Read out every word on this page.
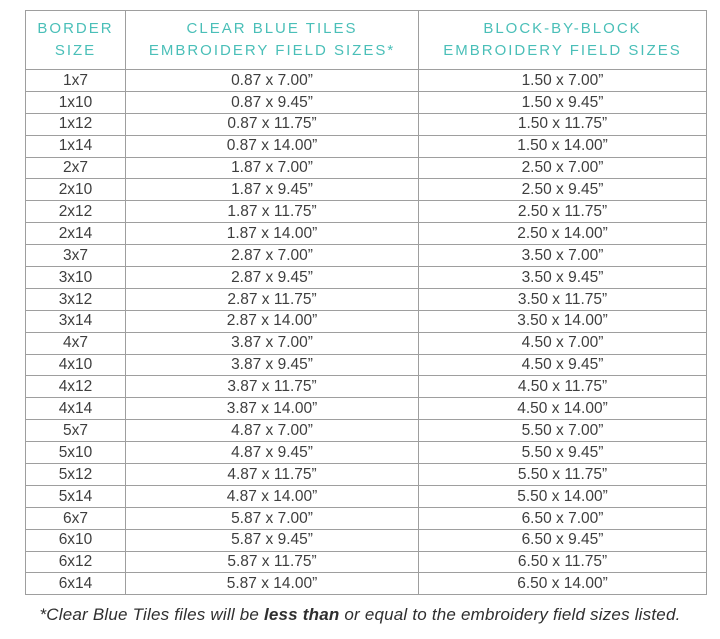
BORDER
SIZE

CLEAR BLUE TILES
EMBROIDERY FIELD SIZES*

BLOCK-BY-BLOCK
EMBROIDERY FIELD SIZES

1x7	0.87 x 7.00”	1.50 x 7.00”
1x10	0.87 x 9.45”	1.50 x 9.45”
1x12	0.87 x 11.75”	1.50 x 11.75”
1x14	0.87 x 14.00”	1.50 x 14.00”
2x7	1.87 x 7.00”	2.50 x 7.00”
2x10	1.87 x 9.45”	2.50 x 9.45”
2x12	1.87 x 11.75”	2.50 x 11.75”
2x14	1.87 x 14.00”	2.50 x 14.00”
3x7	2.87 x 7.00”	3.50 x 7.00”
3x10	2.87 x 9.45”	3.50 x 9.45”
3x12	2.87 x 11.75”	3.50 x 11.75”
3x14	2.87 x 14.00”	3.50 x 14.00”
4x7	3.87 x 7.00”	4.50 x 7.00”
4x10	3.87 x 9.45”	4.50 x 9.45”
4x12	3.87 x 11.75”	4.50 x 11.75”
4x14	3.87 x 14.00”	4.50 x 14.00”
5x7	4.87 x 7.00”	5.50 x 7.00”
5x10	4.87 x 9.45”	5.50 x 9.45”
5x12	4.87 x 11.75”	5.50 x 11.75”
5x14	4.87 x 14.00”	5.50 x 14.00”
6x7	5.87 x 7.00”	6.50 x 7.00”
6x10	5.87 x 9.45”	6.50 x 9.45”
6x12	5.87 x 11.75”	6.50 x 11.75”
6x14	5.87 x 14.00”	6.50 x 14.00”
*Clear Blue Tiles files will be less than or equal to the embroidery field sizes listed.
